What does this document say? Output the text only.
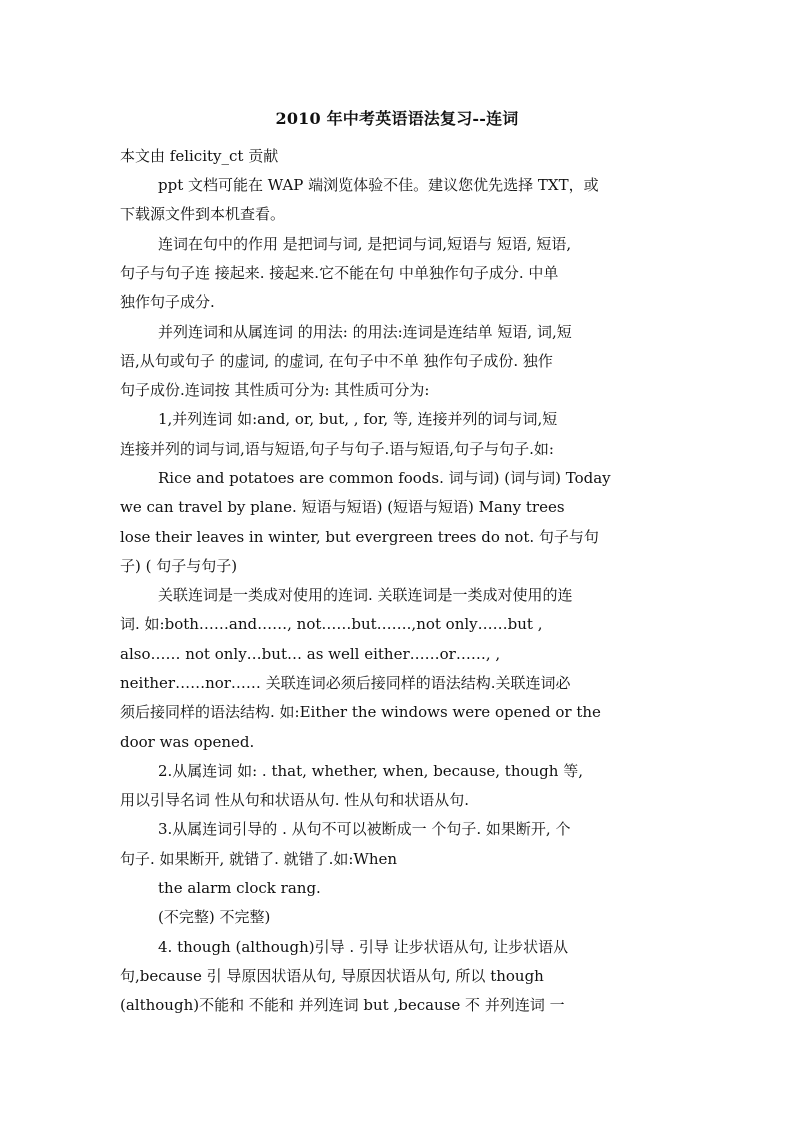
2010 年中考英语语法复习--连词
本文由 felicity_ct 贡献
ppt 文档可能在 WAP 端浏览体验不佳。建议您优先选择 TXT，或
下载源文件到本机查看。
连词在句中的作用 是把词与词, 是把词与词,短语与 短语, 短语,
句子与句子连 接起来. 接起来.它不能在句 中单独作句子成分. 中单
独作句子成分.
并列连词和从属连词 的用法: 的用法:连词是连结单 短语, 词,短
语,从句或句子 的虚词, 的虚词, 在句子中不单 独作句子成份. 独作
句子成份.连词按 其性质可分为: 其性质可分为:
1,并列连词 如:and, or, but, , for, 等, 连接并列的词与词,短
连接并列的词与词,语与短语,句子与句子.语与短语,句子与句子.如:
Rice and potatoes are common foods. 词与词) (词与词) Today
we can travel by plane. 短语与短语) (短语与短语) Many trees
lose their leaves in winter, but evergreen trees do not. 句子与句
子) ( 句子与句子)
关联连词是一类成对使用的连词. 关联连词是一类成对使用的连
词. 如:both……and……, not……but…….,not only……but ,
also…… not only…but… as well either……or……, ,
neither……nor…… 关联连词必须后接同样的语法结构.关联连词必
须后接同样的语法结构. 如:Either the windows were opened or the
door was opened.
2.从属连词 如: . that, whether, when, because, though 等,
用以引导名词 性从句和状语从句. 性从句和状语从句.
3.从属连词引导的 . 从句不可以被断成一 个句子. 如果断开, 个
句子. 如果断开, 就错了. 就错了.如:When
the alarm clock rang.
(不完整) 不完整)
4. though (although)引导 . 引导 让步状语从句, 让步状语从
句,because 引 导原因状语从句, 导原因状语从句, 所以 though
(although)不能和 不能和 并列连词 but ,because 不 并列连词 一
